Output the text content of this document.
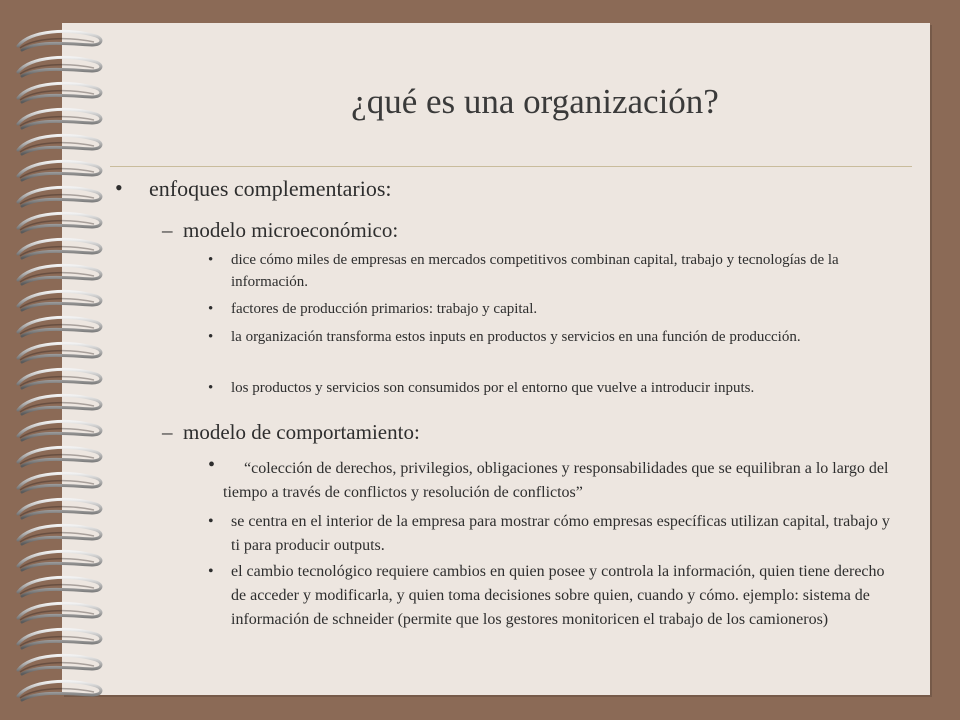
¿qué es una organización?
• enfoques complementarios:
– modelo microeconómico:
• dice cómo miles de empresas en mercados competitivos combinan capital, trabajo y tecnologías de la información.
• factores de producción primarios: trabajo y capital.
• la organización transforma estos inputs en productos y servicios en una función de producción.
• los productos y servicios son consumidos por el entorno que vuelve a introducir inputs.
– modelo de comportamiento:
•	“colección de derechos, privilegios, obligaciones y responsabilidades que se equilibran a lo largo del tiempo a través de conflictos y resolución de conflictos”
• se centra en el interior de la empresa para mostrar cómo empresas específicas utilizan capital, trabajo y ti para producir outputs.
• el cambio tecnológico requiere cambios en quien posee y controla la información, quien tiene derecho de acceder y modificarla, y quien toma decisiones sobre quien, cuando y cómo. ejemplo: sistema de información de schneider (permite que los gestores monitoricen el trabajo de los camioneros)
